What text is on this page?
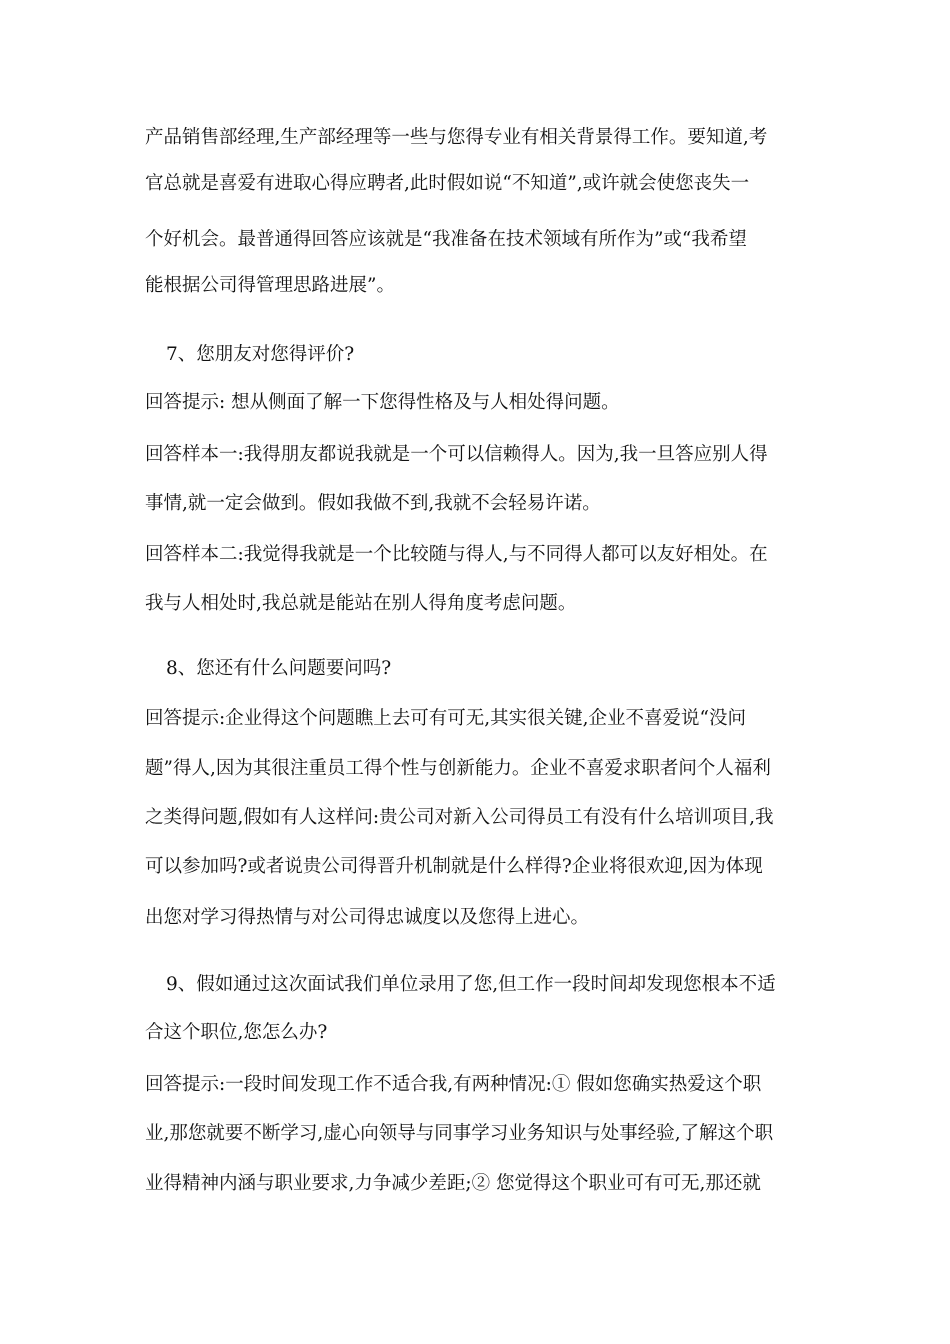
产品销售部经理,生产部经理等一些与您得专业有相关背景得工作。要知道,考
官总就是喜爱有进取心得应聘者,此时假如说“不知道”,或许就会使您丧失一
个好机会。最普通得回答应该就是“我准备在技术领域有所作为”或“我希望
能根据公司得管理思路进展”。
7、您朋友对您得评价?
回答提示: 想从侧面了解一下您得性格及与人相处得问题。
回答样本一:我得朋友都说我就是一个可以信赖得人。因为,我一旦答应别人得
事情,就一定会做到。假如我做不到,我就不会轻易许诺。
回答样本二:我觉得我就是一个比较随与得人,与不同得人都可以友好相处。在
我与人相处时,我总就是能站在别人得角度考虑问题。
8、您还有什么问题要问吗?
回答提示:企业得这个问题瞧上去可有可无,其实很关键,企业不喜爱说“没问
题”得人,因为其很注重员工得个性与创新能力。企业不喜爱求职者问个人福利
之类得问题,假如有人这样问:贵公司对新入公司得员工有没有什么培训项目,我
可以参加吗?或者说贵公司得晋升机制就是什么样得?企业将很欢迎,因为体现
出您对学习得热情与对公司得忠诚度以及您得上进心。
9、假如通过这次面试我们单位录用了您,但工作一段时间却发现您根本不适
合这个职位,您怎么办?
回答提示:一段时间发现工作不适合我,有两种情况:① 假如您确实热爱这个职
业,那您就要不断学习,虚心向领导与同事学习业务知识与处事经验,了解这个职
业得精神内涵与职业要求,力争减少差距;② 您觉得这个职业可有可无,那还就
